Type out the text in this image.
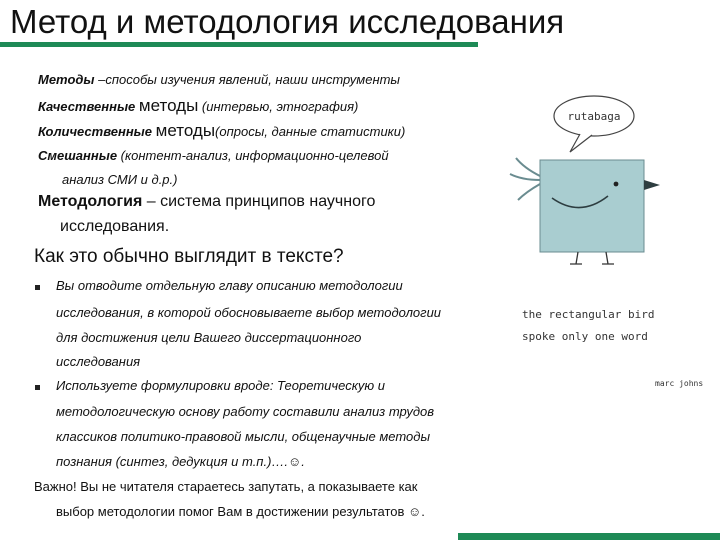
Метод и методология исследования
Методы –способы изучения явлений, наши инструменты
Качественные методы (интервью, этнография)
Количественные методы(опросы, данные статистики)
Смешанные (контент-анализ, информационно-целевой
анализ СМИ и д.р.)
Методология – система принципов научного
исследования.
Как это обычно выглядит в тексте?
Вы отводите отдельную главу описанию методологии
исследования, в которой обосновываете выбор методологии
для достижения цели Вашего диссертационного
исследования
Используете формулировки вроде: Теоретическую и
методологическую основу работу составили анализ трудов
классиков политико-правовой мысли, общенаучные методы
познания (синтез, дедукция и т.п.)….☺.
Важно! Вы не читателя стараетесь запутать, а показываете как
выбор методологии помог Вам в достижении результатов ☺.
rutabaga
the rectangular bird
spoke only one word
marc johns
